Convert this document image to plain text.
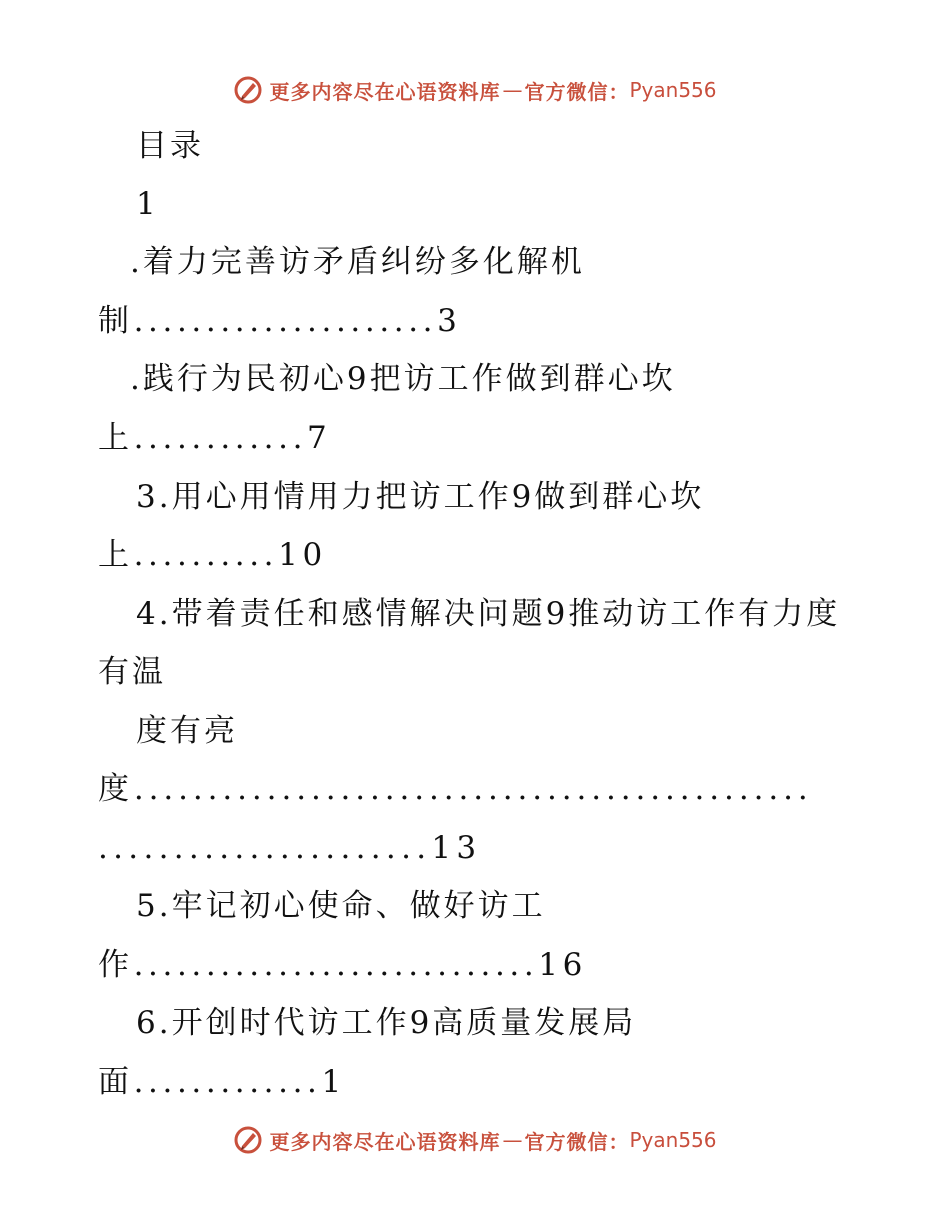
更多内容尽在心语资料库 — 官方微信： Pyan556
目录
1
.着力完善访矛盾纠纷多化解机
制.....................3
.践行为民初心9把访工作做到群心坎
上............7
3.用心用情用力把访工作9做到群心坎
上..........10
4.带着责任和感情解决问题9推动访工作有力度
有温
度有亮
度..............................................
......................13
5.牢记初心使命、做好访工
作............................16
6.开创时代访工作9高质量发展局
面.............1
更多内容尽在心语资料库 — 官方微信： Pyan556
